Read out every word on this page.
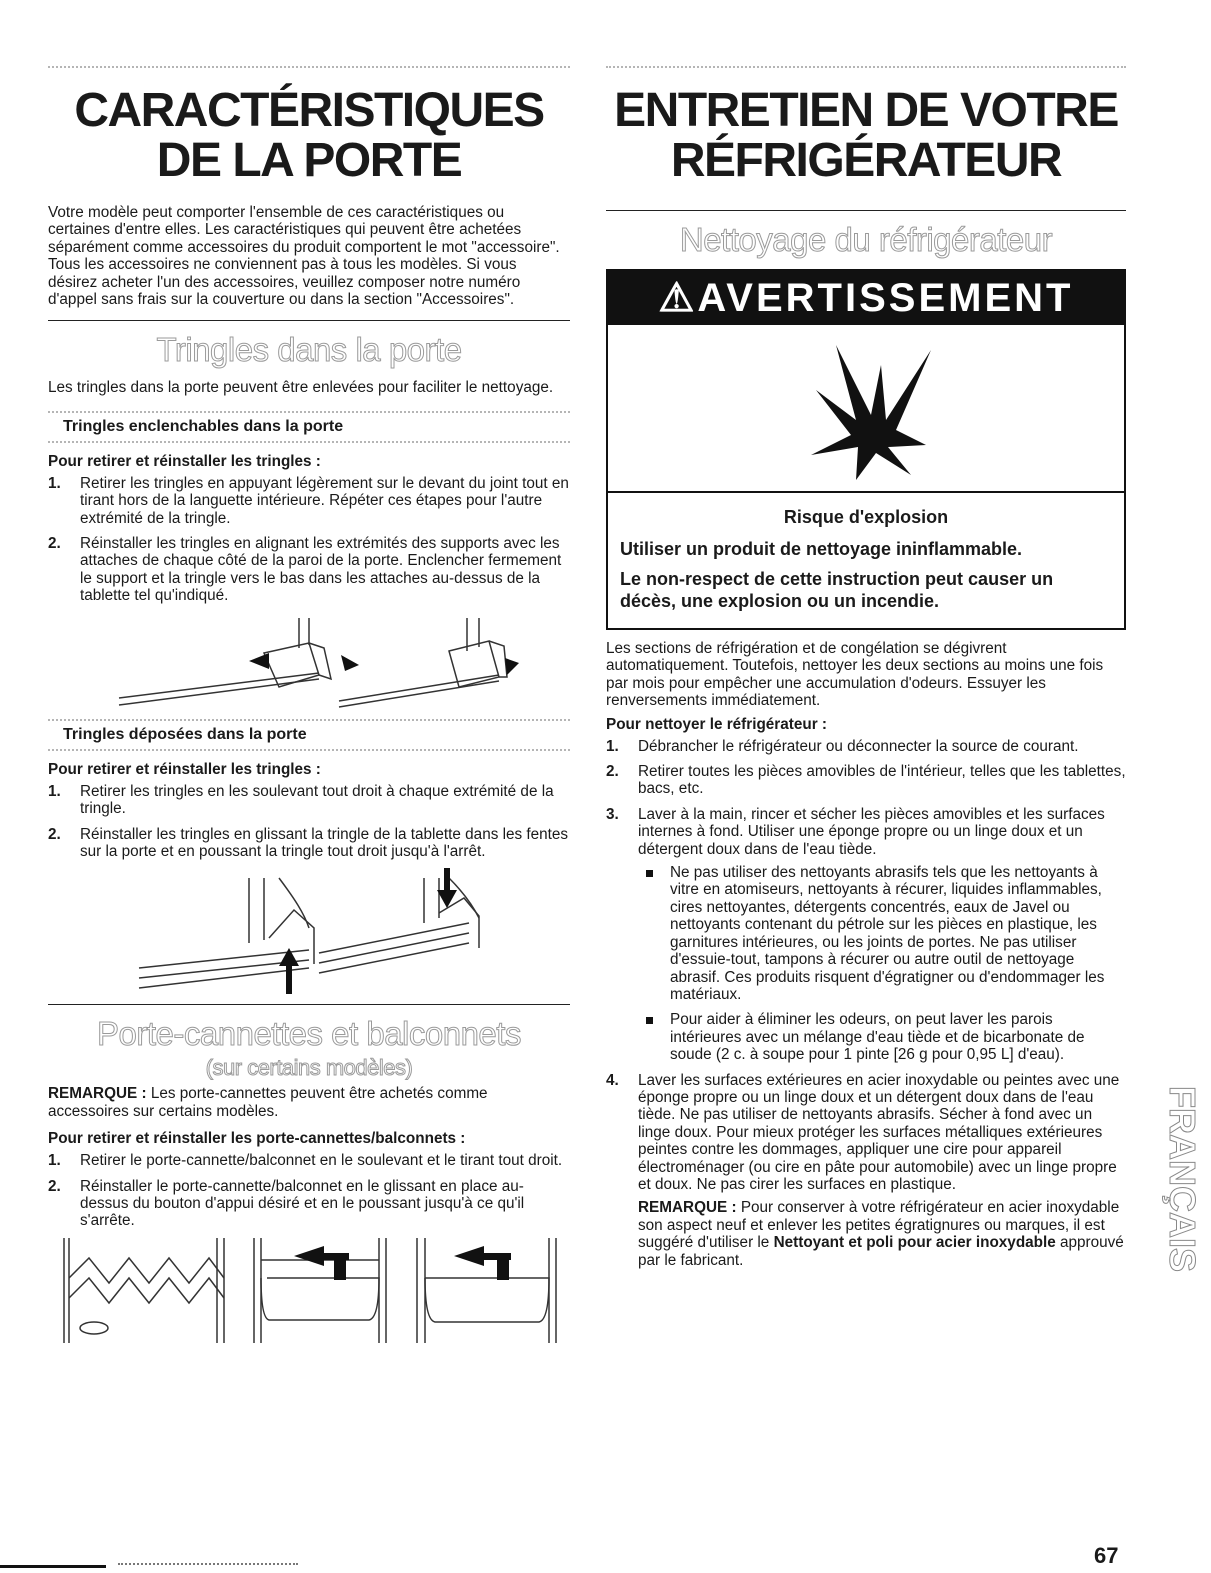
CARACTÉRISTIQUES
DE LA PORTE

Votre modèle peut comporter l'ensemble de ces caractéristiques ou certaines d'entre elles. Les caractéristiques qui peuvent être achetées séparément comme accessoires du produit comportent le mot "accessoire". Tous les accessoires ne conviennent pas à tous les modèles. Si vous désirez acheter l'un des accessoires, veuillez composer notre numéro d'appel sans frais sur la couverture ou dans la section "Accessoires".

Tringles dans la porte

Les tringles dans la porte peuvent être enlevées pour faciliter le nettoyage.

Tringles enclenchables dans la porte
Pour retirer et réinstaller les tringles :
1. Retirer les tringles en appuyant légèrement sur le devant du joint tout en tirant hors de la languette intérieure. Répéter ces étapes pour l'autre extrémité de la tringle.
2. Réinstaller les tringles en alignant les extrémités des supports avec les attaches de chaque côté de la paroi de la porte. Enclencher fermement le support et la tringle vers le bas dans les attaches au-dessus de la tablette tel qu'indiqué.
Tringles déposées dans la porte
Pour retirer et réinstaller les tringles :
1. Retirer les tringles en les soulevant tout droit à chaque extrémité de la tringle.
2. Réinstaller les tringles en glissant la tringle de la tablette dans les fentes sur la porte et en poussant la tringle tout droit jusqu'à l'arrêt.
Porte-cannettes et balconnets
(sur certains modèles)

REMARQUE : Les porte-cannettes peuvent être achetés comme accessoires sur certains modèles.

Pour retirer et réinstaller les porte-cannettes/balconnets :
1. Retirer le porte-cannette/balconnet en le soulevant et le tirant tout droit.
2. Réinstaller le porte-cannette/balconnet en le glissant en place au-dessus du bouton d'appui désiré et en le poussant jusqu'à ce qu'il s'arrête.
ENTRETIEN DE VOTRE
RÉFRIGÉRATEUR
Nettoyage du réfrigérateur
⚠AVERTISSEMENT
Risque d'explosion

Utiliser un produit de nettoyage ininflammable.

Le non-respect de cette instruction peut causer un décès, une explosion ou un incendie.

Les sections de réfrigération et de congélation se dégivrent automatiquement. Toutefois, nettoyer les deux sections au moins une fois par mois pour empêcher une accumulation d'odeurs. Essuyer les renversements immédiatement.

Pour nettoyer le réfrigérateur :
1. Débrancher le réfrigérateur ou déconnecter la source de courant.
2. Retirer toutes les pièces amovibles de l'intérieur, telles que les tablettes, bacs, etc.
3. Laver à la main, rincer et sécher les pièces amovibles et les surfaces internes à fond. Utiliser une éponge propre ou un linge doux et un détergent doux dans de l'eau tiède.
Ne pas utiliser des nettoyants abrasifs tels que les nettoyants à vitre en atomiseurs, nettoyants à récurer, liquides inflammables, cires nettoyantes, détergents concentrés, eaux de Javel ou nettoyants contenant du pétrole sur les pièces en plastique, les garnitures intérieures, ou les joints de portes. Ne pas utiliser d'essuie-tout, tampons à récurer ou autre outil de nettoyage abrasif. Ces produits risquent d'égratigner ou d'endommager les matériaux.
Pour aider à éliminer les odeurs, on peut laver les parois intérieures avec un mélange d'eau tiède et de bicarbonate de soude (2 c. à soupe pour 1 pinte [26 g pour 0,95 L] d'eau).
4. Laver les surfaces extérieures en acier inoxydable ou peintes avec une éponge propre ou un linge doux et un détergent doux dans de l'eau tiède. Ne pas utiliser de nettoyants abrasifs. Sécher à fond avec un linge doux. Pour mieux protéger les surfaces métalliques extérieures peintes contre les dommages, appliquer une cire pour appareil électroménager (ou cire en pâte pour automobile) avec un linge propre et doux. Ne pas cirer les surfaces en plastique.

REMARQUE : Pour conserver à votre réfrigérateur en acier inoxydable son aspect neuf et enlever les petites égratignures ou marques, il est suggéré d'utiliser le Nettoyant et poli pour acier inoxydable approuvé par le fabricant.	FRANÇAIS
67
